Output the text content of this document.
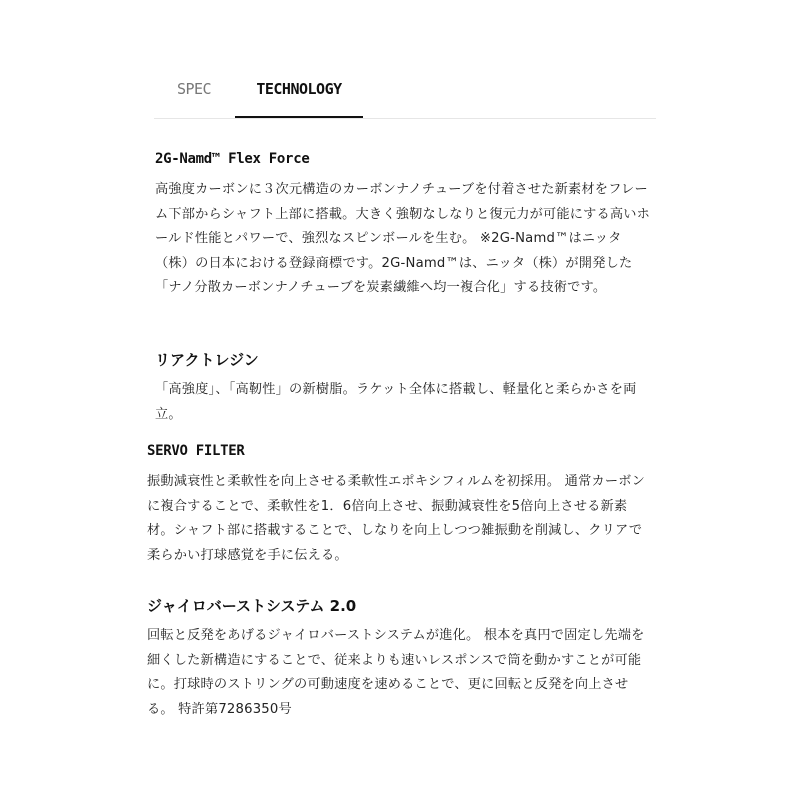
SPEC	TECHNOLOGY
2G-Namd™ Flex Force
高強度カーボンに３次元構造のカーボンナノチューブを付着させた新素材をフレーム下部からシャフト上部に搭載。大きく強靭なしなりと復元力が可能にする高いホールド性能とパワーで、強烈なスピンボールを生む。 ※2G-Namd™はニッタ（株）の日本における登録商標です。2G-Namd™は、ニッタ（株）が開発した「ナノ分散カーボンナノチューブを炭素繊維へ均一複合化」する技術です。
リアクトレジン
「高強度」、「高靭性」の新樹脂。ラケット全体に搭載し、軽量化と柔らかさを両立。
SERVO FILTER
振動減衰性と柔軟性を向上させる柔軟性エポキシフィルムを初採用。 通常カーボンに複合することで、柔軟性を1．6倍向上させ、振動減衰性を5倍向上させる新素材。シャフト部に搭載することで、しなりを向上しつつ雑振動を削減し、クリアで柔らかい打球感覚を手に伝える。
ジャイロバーストシステム 2.0
回転と反発をあげるジャイロバーストシステムが進化。 根本を真円で固定し先端を細くした新構造にすることで、従来よりも速いレスポンスで筒を動かすことが可能に。打球時のストリングの可動速度を速めることで、更に回転と反発を向上させる。 特許第7286350号
